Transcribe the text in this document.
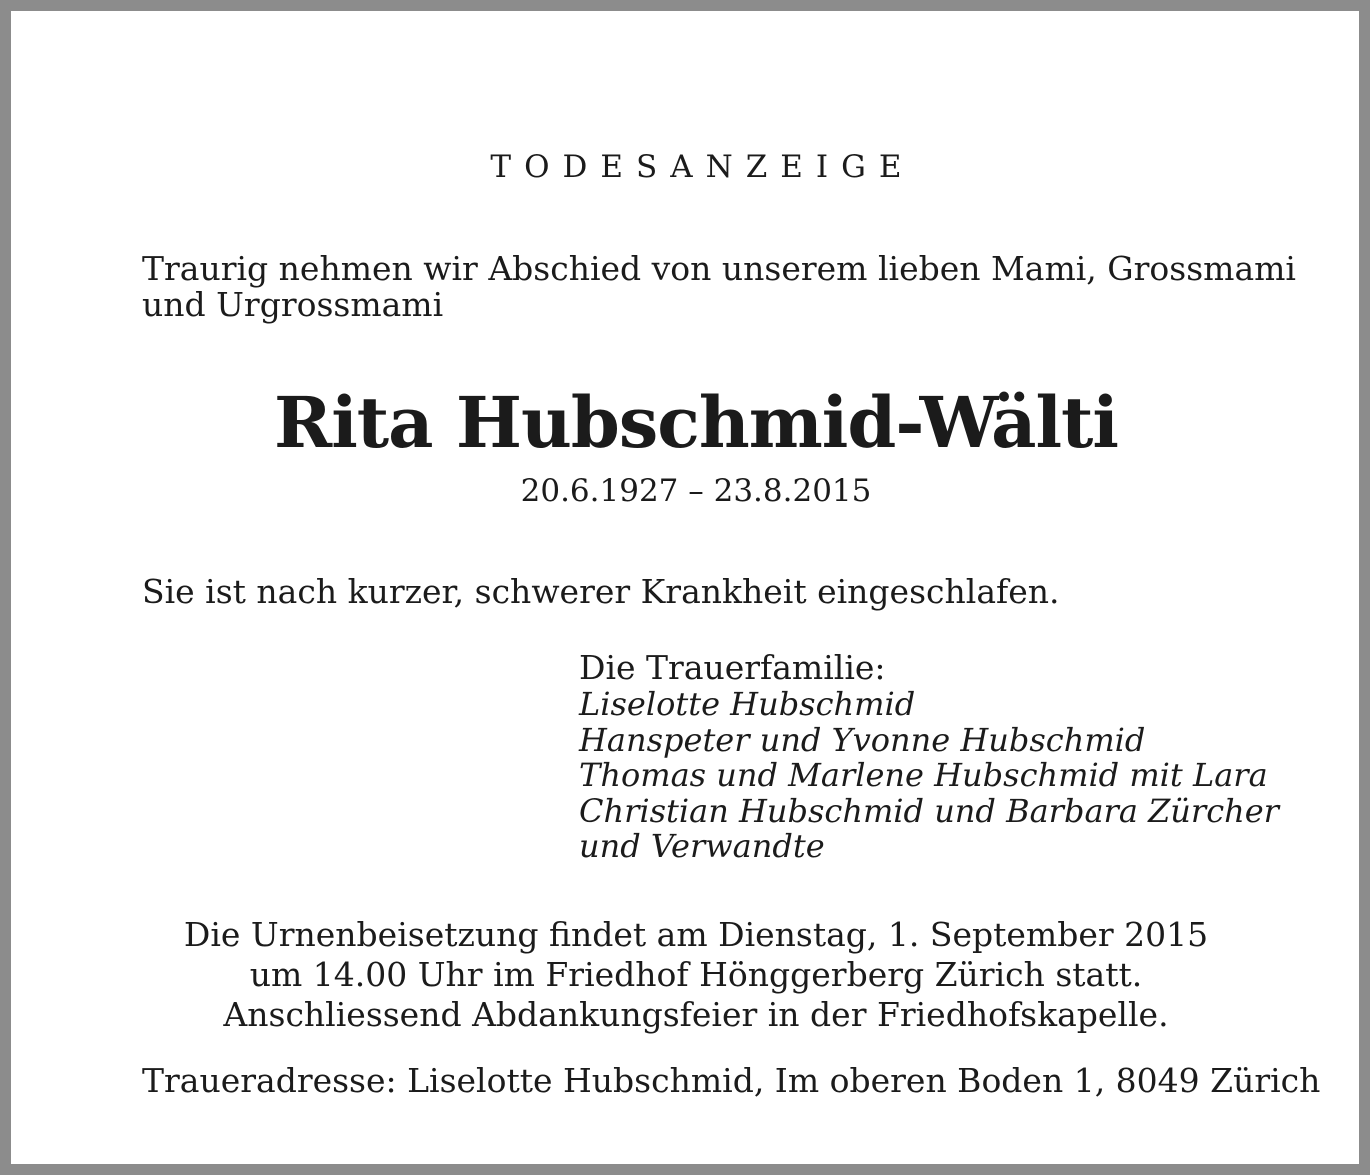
TODESANZEIGE
Traurig nehmen wir Abschied von unserem lieben Mami, Grossmami
und Urgrossmami
Rita Hubschmid-Wälti
20.6.1927 – 23.8.2015
Sie ist nach kurzer, schwerer Krankheit eingeschlafen.
Die Trauerfamilie:
Liselotte Hubschmid
Hanspeter und Yvonne Hubschmid
Thomas und Marlene Hubschmid mit Lara
Christian Hubschmid und Barbara Zürcher
und Verwandte
Die Urnenbeisetzung findet am Dienstag, 1. September 2015
um 14.00 Uhr im Friedhof Hönggerberg Zürich statt.
Anschliessend Abdankungsfeier in der Friedhofskapelle.
Traueradresse: Liselotte Hubschmid, Im oberen Boden 1, 8049 Zürich
